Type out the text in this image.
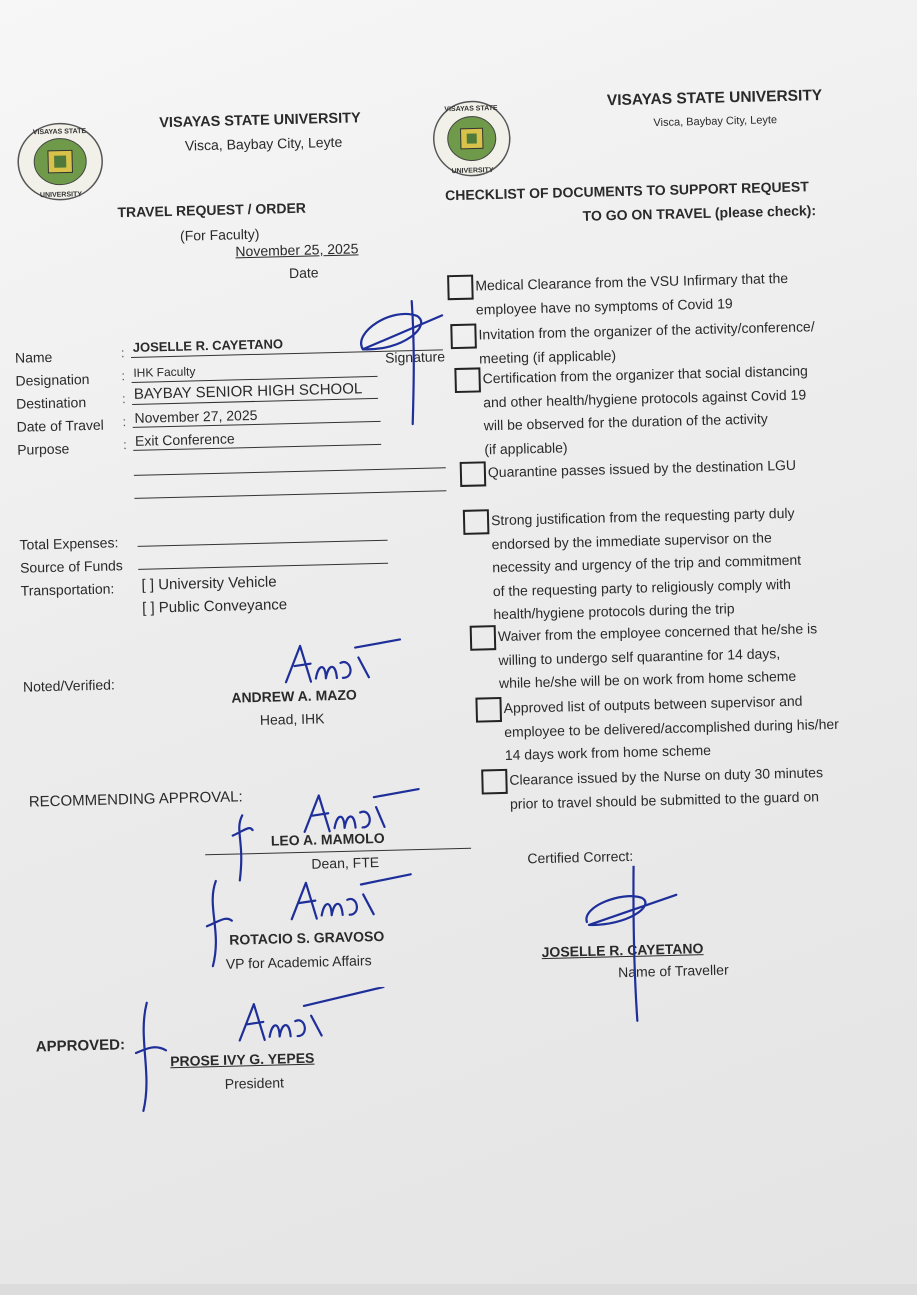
VISAYAS STATE
UNIVERSITY
VISAYAS STATE UNIVERSITY
Visca, Baybay City, Leyte
VISAYAS STATE
UNIVERSITY
VISAYAS STATE UNIVERSITY
Visca, Baybay City, Leyte
TRAVEL REQUEST / ORDER
(For Faculty)
November 25, 2025
Date
Name	: JOSELLE R. CAYETANO
Designation : IHK Faculty
Destination	: BAYBAY SENIOR HIGH SCHOOL
Date of Travel : November 27, 2025
Purpose	: Exit Conference
Signature
Total Expenses:
Source of Funds
Transportation: [ ] University Vehicle
[ ] Public Conveyance
Noted/Verified:
ANDREW A. MAZO
Head, IHK
RECOMMENDING APPROVAL:
LEO A. MAMOLO
Dean, FTE
ROTACIO S. GRAVOSO
VP for Academic Affairs
APPROVED:
PROSE IVY G. YEPES
President
CHECKLIST OF DOCUMENTS TO SUPPORT REQUEST
TO GO ON TRAVEL (please check):
Medical Clearance from the VSU Infirmary that the
employee have no symptoms of Covid 19
Invitation from the organizer of the activity/conference/
meeting (if applicable)
Certification from the organizer that social distancing
and other health/hygiene protocols against Covid 19
will be observed for the duration of the activity
(if applicable)
Quarantine passes issued by the destination LGU
Strong justification from the requesting party duly
endorsed by the immediate supervisor on the
necessity and urgency of the trip and commitment
of the requesting party to religiously comply with
health/hygiene protocols during the trip
Waiver from the employee concerned that he/she is
willing to undergo self quarantine for 14 days,
while he/she will be on work from home scheme
Approved list of outputs between supervisor and
employee to be delivered/accomplished during his/her
14 days work from home scheme
Clearance issued by the Nurse on duty 30 minutes
prior to travel should be submitted to the guard on
Certified Correct:
JOSELLE R. CAYETANO
Name of Traveller
